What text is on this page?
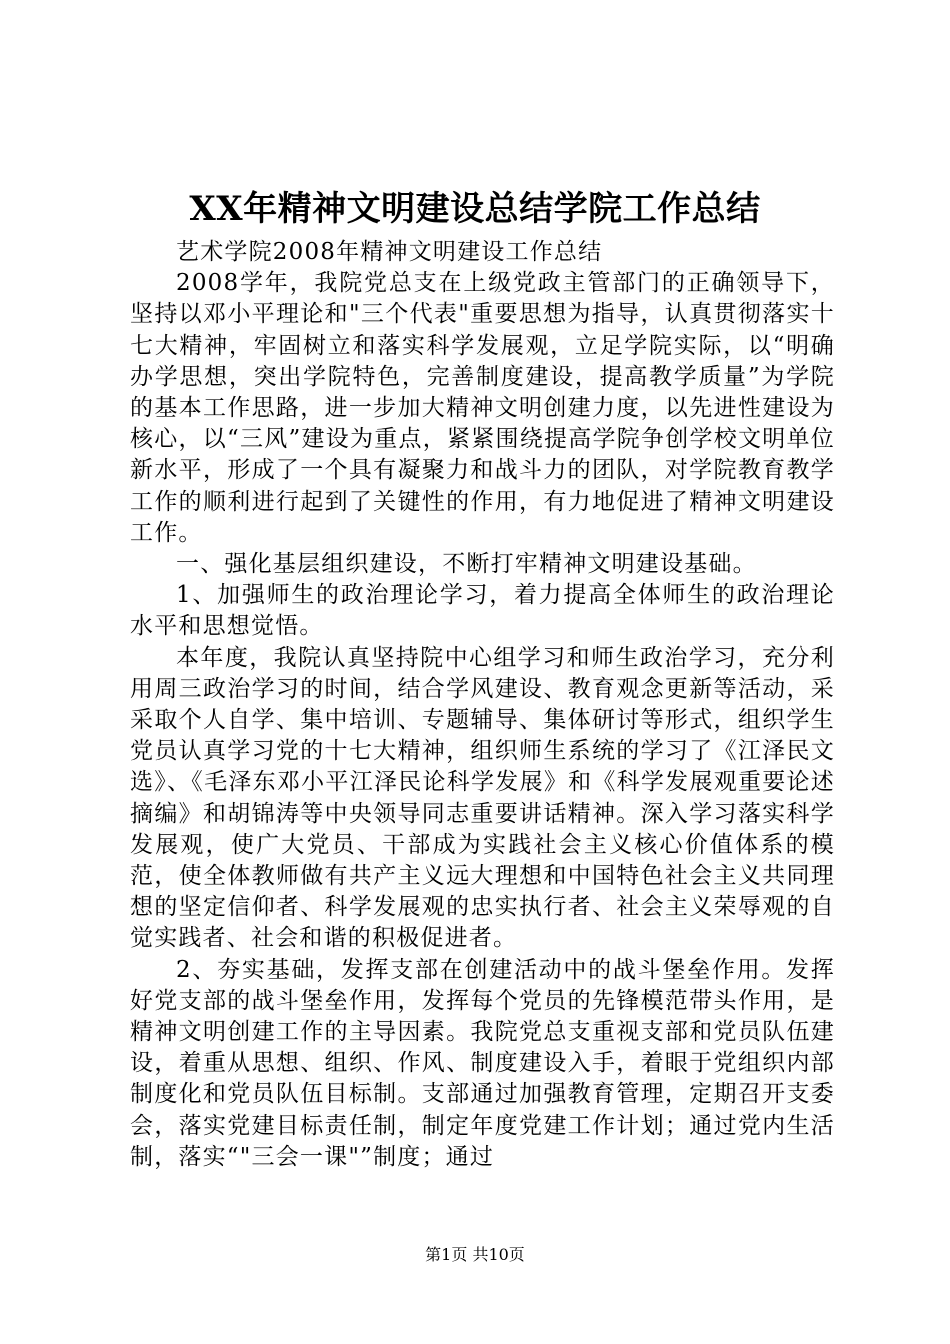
XX年精神文明建设总结学院工作总结

艺术学院2008年精神文明建设工作总结

2008学年，我院党总支在上级党政主管部门的正确领导下，坚持以邓小平理论和"三个代表"重要思想为指导，认真贯彻落实十七大精神，牢固树立和落实科学发展观，立足学院实际，以“明确办学思想，突出学院特色，完善制度建设，提高教学质量”为学院的基本工作思路，进一步加大精神文明创建力度，以先进性建设为核心，以“三风”建设为重点，紧紧围绕提高学院争创学校文明单位新水平，形成了一个具有凝聚力和战斗力的团队，对学院教育教学工作的顺利进行起到了关键性的作用，有力地促进了精神文明建设工作。

一、强化基层组织建设，不断打牢精神文明建设基础。

1、加强师生的政治理论学习，着力提高全体师生的政治理论水平和思想觉悟。

本年度，我院认真坚持院中心组学习和师生政治学习，充分利用周三政治学习的时间，结合学风建设、教育观念更新等活动，采采取个人自学、集中培训、专题辅导、集体研讨等形式，组织学生党员认真学习党的十七大精神，组织师生系统的学习了《江泽民文选》、《毛泽东邓小平江泽民论科学发展》和《科学发展观重要论述摘编》和胡锦涛等中央领导同志重要讲话精神。深入学习落实科学发展观，使广大党员、干部成为实践社会主义核心价值体系的模范，使全体教师做有共产主义远大理想和中国特色社会主义共同理想的坚定信仰者、科学发展观的忠实执行者、社会主义荣辱观的自觉实践者、社会和谐的积极促进者。

2、夯实基础，发挥支部在创建活动中的战斗堡垒作用。发挥好党支部的战斗堡垒作用，发挥每个党员的先锋模范带头作用，是精神文明创建工作的主导因素。我院党总支重视支部和党员队伍建设，着重从思想、组织、作风、制度建设入手，着眼于党组织内部制度化和党员队伍目标制。支部通过加强教育管理，定期召开支委会，落实党建目标责任制，制定年度党建工作计划；通过党内生活制，落实“"三会一课"”制度；通过

第1页 共10页
